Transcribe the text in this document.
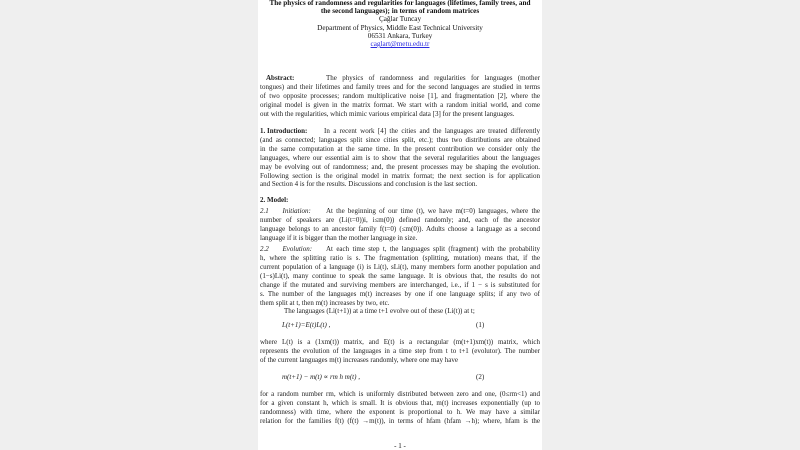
The physics of randomness and regularities for languages (lifetimes, family trees, and
the second languages); in terms of random matrices
Çağlar Tuncay
Department of Physics, Middle East Technical University
06531 Ankara, Turkey
caglart@metu.edu.tr
Abstract:	The physics of randomness and regularities for languages (mother
tongues) and their lifetimes and family trees and for the second languages are studied in terms
of two opposite processes; random multiplicative noise [1], and fragmentation [2], where the
original model is given in the matrix format. We start with a random initial world, and come
out with the regularities, which mimic various empirical data [3] for the present languages.
1. Introduction: In a recent work [4] the cities and the languages are treated differently
(and as connected; languages split since cities split, etc.); thus two distributions are obtained
in the same computation at the same time. In the present contribution we consider only the
languages, where our essential aim is to show that the several regularities about the languages
may be evolving out of randomness; and, the present processes may be shaping the evolution.
Following section is the original model in matrix format; the next section is for application
and Section 4 is for the results. Discussions and conclusion is the last section.
2. Model:
2.1 Initiation: At the beginning of our time (t), we have m(t=0) languages, where the
number of speakers are (Li(t=0))i, i≤m(0)) defined randomly; and, each of the ancestor
language belongs to an ancestor family f(t=0) (≤m(0)). Adults choose a language as a second
language if it is bigger than the mother language in size.
2.2 Evolution: At each time step t, the languages split (fragment) with the probability
h, where the splitting ratio is s. The fragmentation (splitting, mutation) means that, if the
current population of a language (i) is Li(t), sLi(t), many members form another population and
(1−s)Li(t), many continue to speak the same language. It is obvious that, the results do not
change if the mutated and surviving members are interchanged, i.e., if 1 − s is substituted for
s. The number of the languages m(t) increases by one if one language splits; if any two of
them split at t, then m(t) increases by two, etc.
The languages (Li(t+1)) at a time t+1 evolve out of these (Li(t)) at t;
L(t+1)=E(t)L(t) ,	(1)
where L(t) is a (1xm(t)) matrix, and E(t) is a rectangular (m(t+1)xm(t)) matrix, which
represents the evolution of the languages in a time step from t to t+1 (evolutor). The number
of the current languages m(t) increases randomly, where one may have
m(t+1) − m(t) ∝ rm h m(t) ,	(2)
for a random number rm, which is uniformly distributed between zero and one, (0≤rm<1) and
for a given constant h, which is small. It is obvious that, m(t) increases exponentially (up to
randomness) with time, where the exponent is proportional to h. We may have a similar
relation for the families f(t) (f(t) →m(t)), in terms of hfam (hfam →h); where, hfam is the
- 1 -
